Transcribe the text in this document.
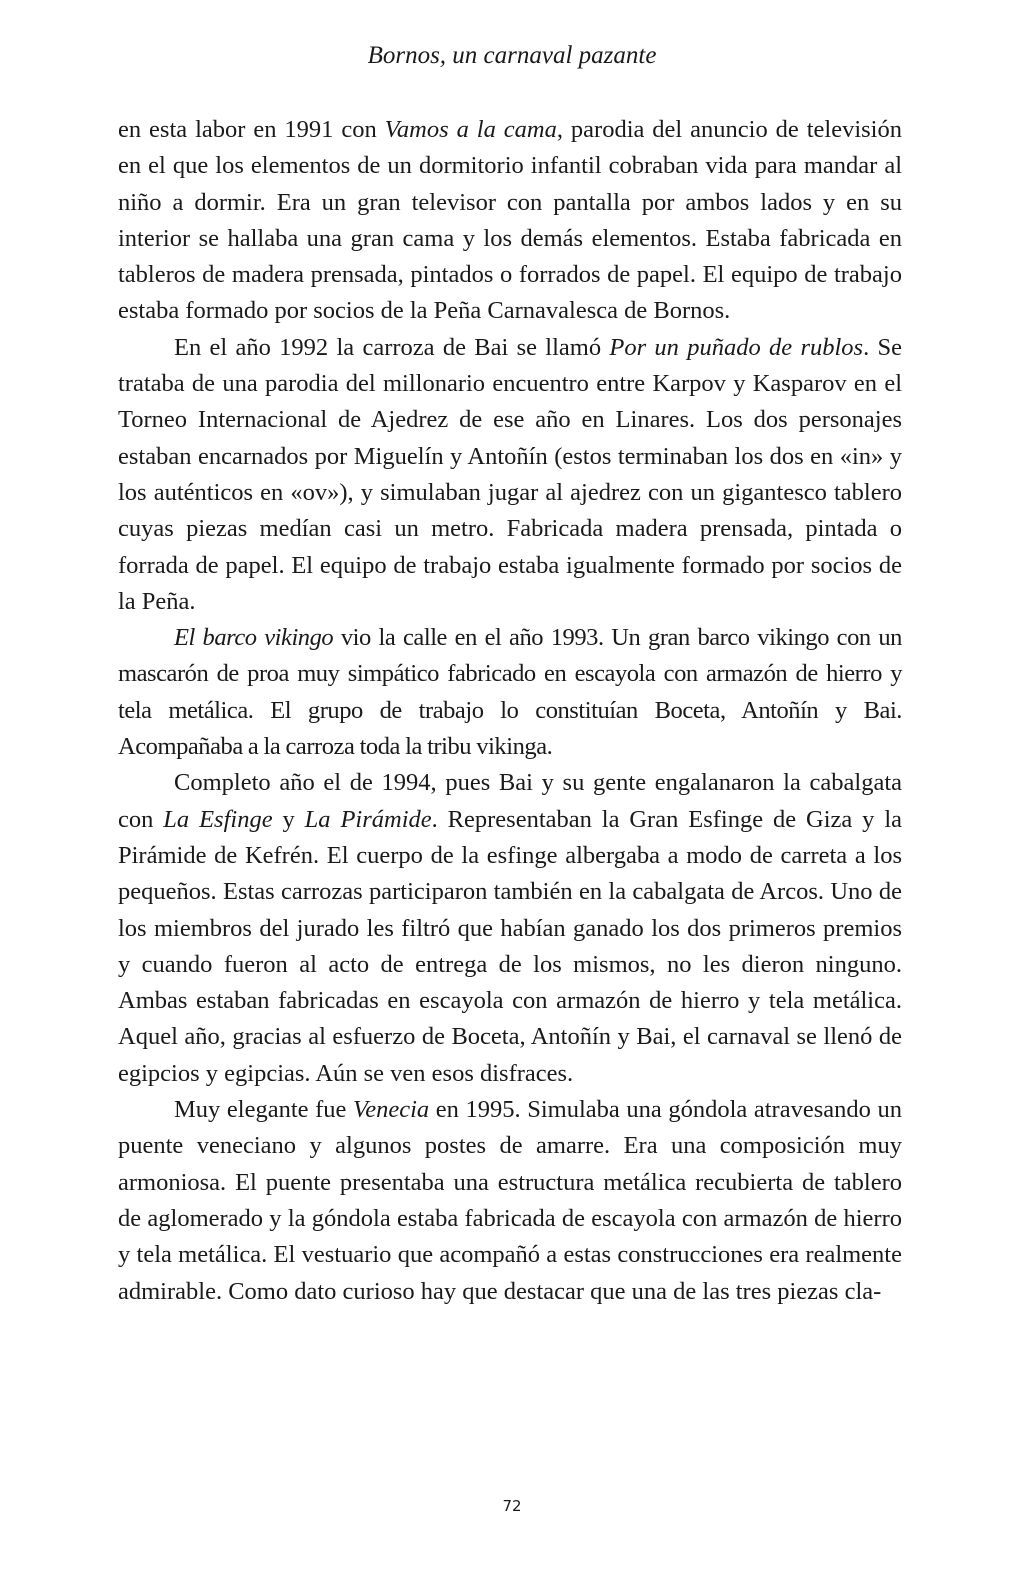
Bornos, un carnaval pazante

en esta labor en 1991 con Vamos a la cama, parodia del anuncio de televisión en el que los elementos de un dormitorio infantil cobraban vida para mandar al niño a dormir. Era un gran televisor con pantalla por ambos lados y en su interior se hallaba una gran cama y los demás elementos. Estaba fabricada en tableros de madera prensada, pintados o forrados de papel. El equipo de trabajo estaba formado por socios de la Peña Carnavalesca de Bornos.

En el año 1992 la carroza de Bai se llamó Por un puñado de rublos. Se trataba de una parodia del millonario encuentro entre Karpov y Kasparov en el Torneo Internacional de Ajedrez de ese año en Linares. Los dos personajes estaban encarnados por Miguelín y Antoñín (estos terminaban los dos en «in» y los auténticos en «ov»), y simulaban jugar al ajedrez con un gigantesco tablero cuyas piezas medían casi un metro. Fabricada madera prensada, pintada o forrada de papel. El equipo de trabajo estaba igualmente formado por socios de la Peña.

El barco vikingo vio la calle en el año 1993. Un gran barco vikingo con un mascarón de proa muy simpático fabricado en escayola con armazón de hierro y tela metálica. El grupo de trabajo lo constituían Boceta, Antoñín y Bai. Acompañaba a la carroza toda la tribu vikinga.

Completo año el de 1994, pues Bai y su gente engalanaron la cabalgata con La Esfinge y La Pirámide. Representaban la Gran Esfinge de Giza y la Pirámide de Kefrén. El cuerpo de la esfinge albergaba a modo de carreta a los pequeños. Estas carrozas participaron también en la cabalgata de Arcos. Uno de los miembros del jurado les filtró que habían ganado los dos primeros premios y cuando fueron al acto de entrega de los mismos, no les dieron ninguno. Ambas estaban fabricadas en escayola con armazón de hierro y tela metálica. Aquel año, gracias al esfuerzo de Boceta, Antoñín y Bai, el carnaval se llenó de egipcios y egipcias. Aún se ven esos disfraces.

Muy elegante fue Venecia en 1995. Simulaba una góndola atravesando un puente veneciano y algunos postes de amarre. Era una composición muy armoniosa. El puente presentaba una estructura metálica recubierta de tablero de aglomerado y la góndola estaba fabricada de escayola con armazón de hierro y tela metálica. El vestuario que acompañó a estas construcciones era realmente admirable. Como dato curioso hay que destacar que una de las tres piezas cla-

72
